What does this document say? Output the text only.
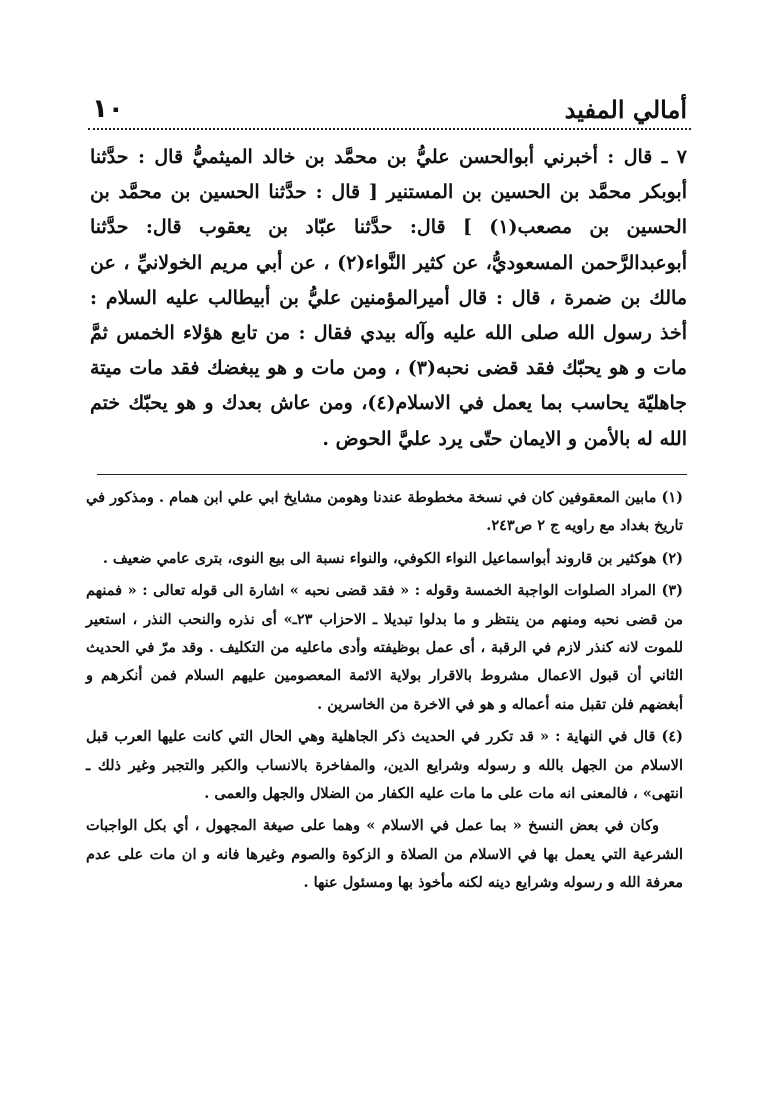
أمالي المفيد
١٠

٧ ـ قال : أخبرني أبوالحسن عليُّ بن محمَّد بن خالد الميثميُّ قال : حدَّثنا أبوبكر محمَّد بن الحسين بن المستنير [ قال : حدَّثنا الحسين بن محمَّد بن الحسين بن مصعب(١) ] قال: حدَّثنا عبّاد بن يعقوب قال: حدَّثنا أبوعبدالرَّحمن المسعوديُّ، عن كثير النَّواء(٢) ، عن أبي مريم الخولانيِّ ، عن مالك بن ضمرة ، قال : قال أميرالمؤمنين عليُّ بن أبيطالب عليه السلام : أخذ رسول الله صلى الله عليه وآله بيدي فقال : من تابع هؤلاء الخمس ثمَّ مات و هو يحبّك فقد قضى نحبه(٣) ، ومن مات و هو يبغضك فقد مات ميتة جاهليّة يحاسب بما يعمل في الاسلام(٤)، ومن عاش بعدك و هو يحبّك ختم الله له بالأمن و الايمان حتّى يرد عليَّ الحوض .

(١) مابين المعقوفين كان في نسخة مخطوطة عندنا وهومن مشايخ ابي علي ابن همام . ومذكور في تاريخ بغداد مع راويه ج ٢ ص٢٤٣.

(٢) هوكثير بن قاروند أبواسماعيل النواء الكوفي، والنواء نسبة الى بيع النوى، بترى عامي ضعيف .

(٣) المراد الصلوات الواجبة الخمسة وقوله : « فقد قضى نحبه » اشارة الى قوله تعالى : « فمنهم من قضى نحبه ومنهم من ينتظر و ما بدلوا تبديلا ـ الاحزاب ٢٣ـ» أى نذره والنحب النذر ، استعير للموت لانه كنذر لازم في الرقبة ، أى عمل بوظيفته وأدى ماعليه من التكليف . وقد مرّ في الحديث الثاني أن قبول الاعمال مشروط بالاقرار بولاية الائمة المعصومين عليهم السلام فمن أنكرهم و أبغضهم فلن تقبل منه أعماله و هو في الاخرة من الخاسرين .

(٤) قال في النهاية : « قد تكرر في الحديث ذكر الجاهلية وهي الحال التي كانت عليها العرب قبل الاسلام من الجهل بالله و رسوله وشرايع الدين، والمفاخرة بالانساب والكبر والتجبر وغير ذلك ـ انتهى» ، فالمعنى انه مات على ما مات عليه الكفار من الضلال والجهل والعمى .

وكان في بعض النسخ « بما عمل في الاسلام » وهما على صيغة المجهول ، أي بكل الواجبات الشرعية التي يعمل بها في الاسلام من الصلاة و الزكوة والصوم وغيرها فانه و ان مات على عدم معرفة الله و رسوله وشرايع دينه لكنه مأخوذ بها ومسئول عنها .
